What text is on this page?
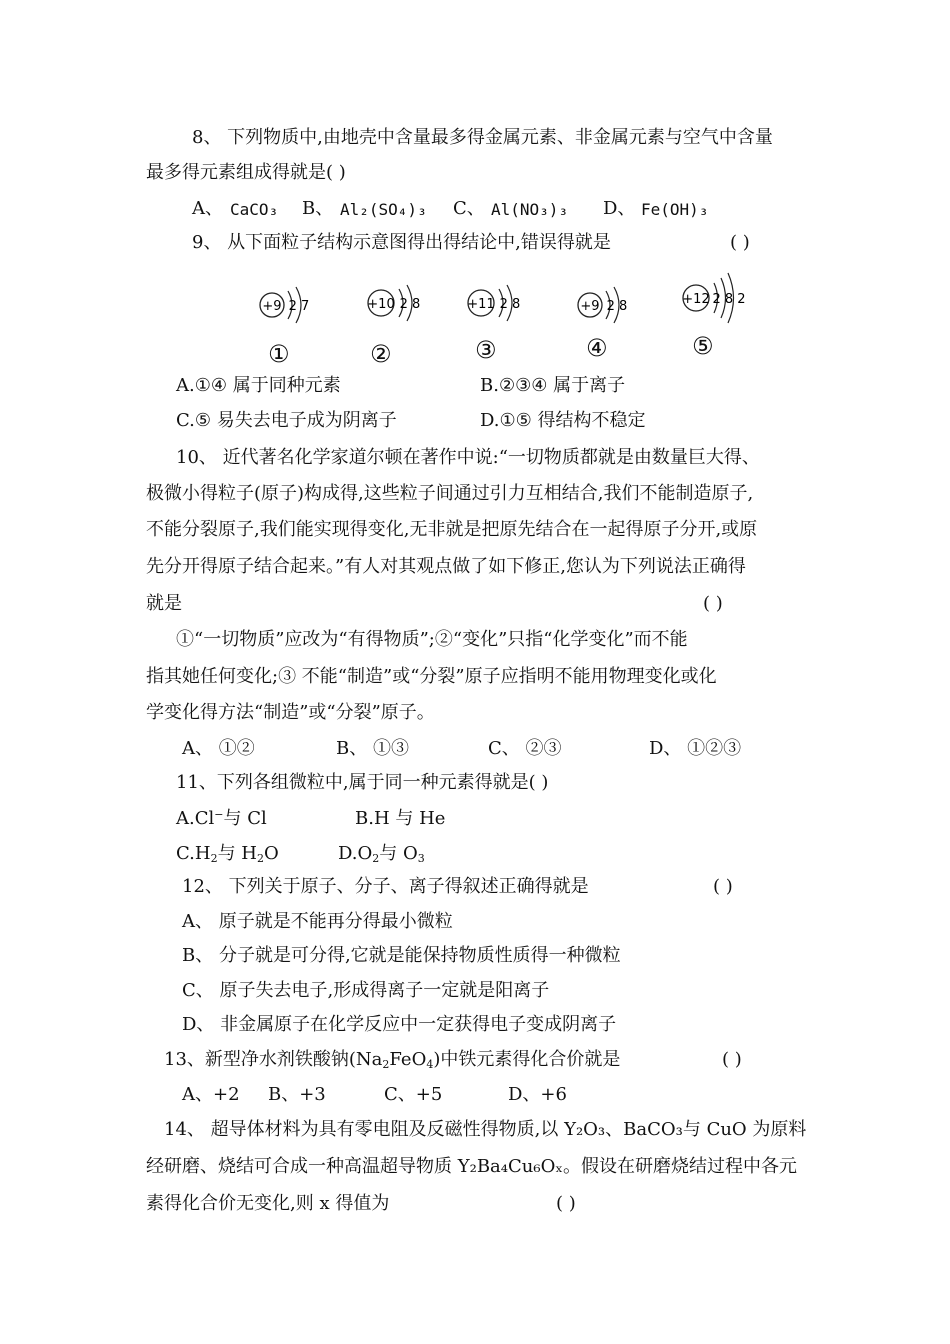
8、 下列物质中,由地壳中含量最多得金属元素、非金属元素与空气中含量
最多得元素组成得就是( )
A、 CaCO₃ B、 Al₂(SO₄)₃ C、 Al(NO₃)₃ D、 Fe(OH)₃
9、 从下面粒子结构示意图得出得结论中,错误得就是	( )
+9 2 7
①
+10 2 8
②
+11 2 8
③
+9 2 8
④
+12 2 8 2
⑤
A.①④ 属于同种元素	B.②③④ 属于离子
C.⑤ 易失去电子成为阴离子	D.①⑤ 得结构不稳定
10、 近代著名化学家道尔顿在著作中说:“一切物质都就是由数量巨大得、
极微小得粒子(原子)构成得,这些粒子间通过引力互相结合,我们不能制造原子,
不能分裂原子,我们能实现得变化,无非就是把原先结合在一起得原子分开,或原
先分开得原子结合起来。”有人对其观点做了如下修正,您认为下列说法正确得
就是	( )
①“一切物质”应改为“有得物质”;②“变化”只指“化学变化”而不能
指其她任何变化;③ 不能“制造”或“分裂”原子应指明不能用物理变化或化
学变化得方法“制造”或“分裂”原子。
A、 ①②	B、 ①③	C、 ②③	D、 ①②③
11、下列各组微粒中,属于同一种元素得就是( )
A.Cl−与 Cl	B.H 与 He
$C.H_2$与 $H_2O$	$D.O_2$与 $O_3$
12、 下列关于原子、分子、离子得叙述正确得就是	( )
A、 原子就是不能再分得最小微粒
B、 分子就是可分得,它就是能保持物质性质得一种微粒
C、 原子失去电子,形成得离子一定就是阳离子
D、 非金属原子在化学反应中一定获得电子变成阴离子
13、新型净水剂铁酸钠$(Na_2FeO_4)$中铁元素得化合价就是	( )
A、+2 B、+3	C、+5	D、+6
14、 超导体材料为具有零电阻及反磁性得物质,以 Y₂O₃、BaCO₃与 CuO 为原料
经研磨、烧结可合成一种高温超导物质 Y₂Ba₄Cu₆Oₓ。假设在研磨烧结过程中各元
素得化合价无变化,则 x 得值为	( )
